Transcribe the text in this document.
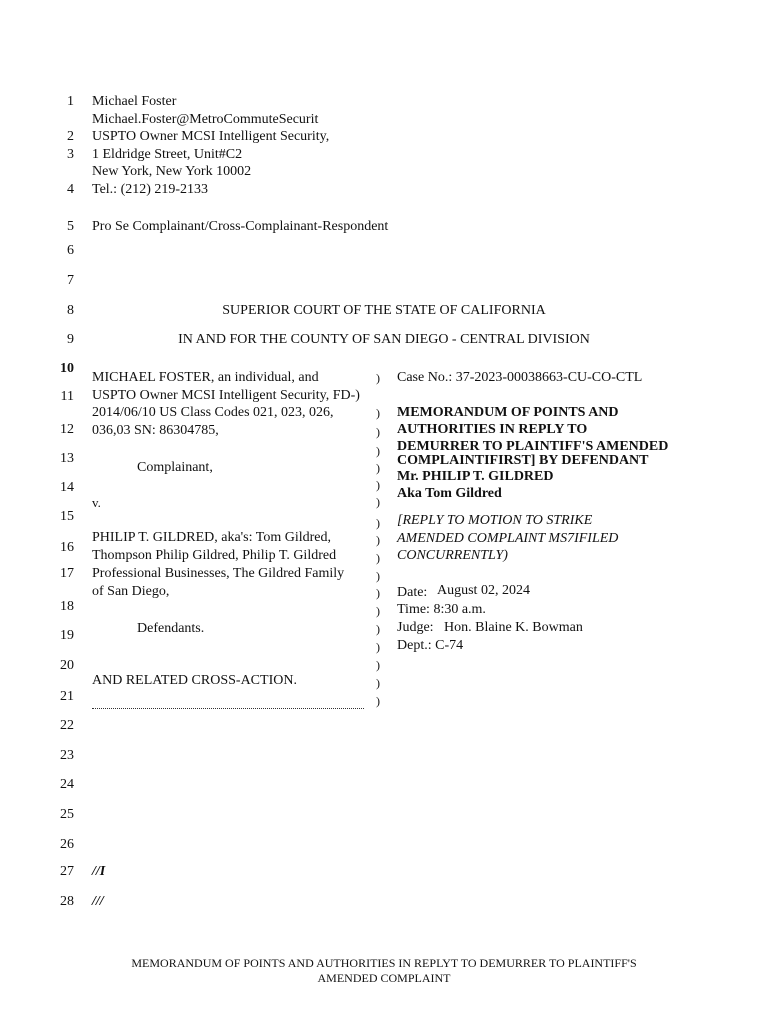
1
2
3
4
5
6
7
8
9
10
11
12
13
14
15
16
17
18
19
20
21
22
23
24
25
26
27
28
Michael Foster
Michael.Foster@MetroCommuteSecurit
USPTO Owner MCSI Intelligent Security,
1 Eldridge Street, Unit#C2
New York, New York 10002
Tel.: (212) 219-2133
Pro Se Complainant/Cross-Complainant-Respondent
SUPERIOR COURT OF THE STATE OF CALIFORNIA
IN AND FOR THE COUNTY OF SAN DIEGO - CENTRAL DIVISION
MICHAEL FOSTER, an individual, and
USPTO Owner MCSI Intelligent Security, FD-)
2014/06/10 US Class Codes 021, 023, 026,
036,03 SN: 86304785,
Complainant,
v.
PHILIP T. GILDRED, aka's: Tom Gildred,
Thompson Philip Gildred, Philip T. Gildred
Professional Businesses, The Gildred Family
of San Diego,
Defendants.
AND RELATED CROSS-ACTION.
)
)
)
)
)
)
)
)
)
)
)
)
)
)
)
)
)
)
Case No.: 37-2023-00038663-CU-CO-CTL
MEMORANDUM OF POINTS AND
AUTHORITIES IN REPLY TO
DEMURRER TO PLAINTIFF'S AMENDED
COMPLAINTIFIRST] BY DEFENDANT
Mr. PHILIP T. GILDRED
Aka Tom Gildred
[REPLY TO MOTION TO STRIKE
AMENDED COMPLAINT MS7IFILED
CONCURRENTLY)
Date: August 02, 2024
Time: 8:30 a.m.
Judge: Hon. Blaine K. Bowman
Dept.: C-74
//I
///
MEMORANDUM OF POINTS AND AUTHORITIES IN REPLYT TO DEMURRER TO PLAINTIFF'S
AMENDED COMPLAINT
